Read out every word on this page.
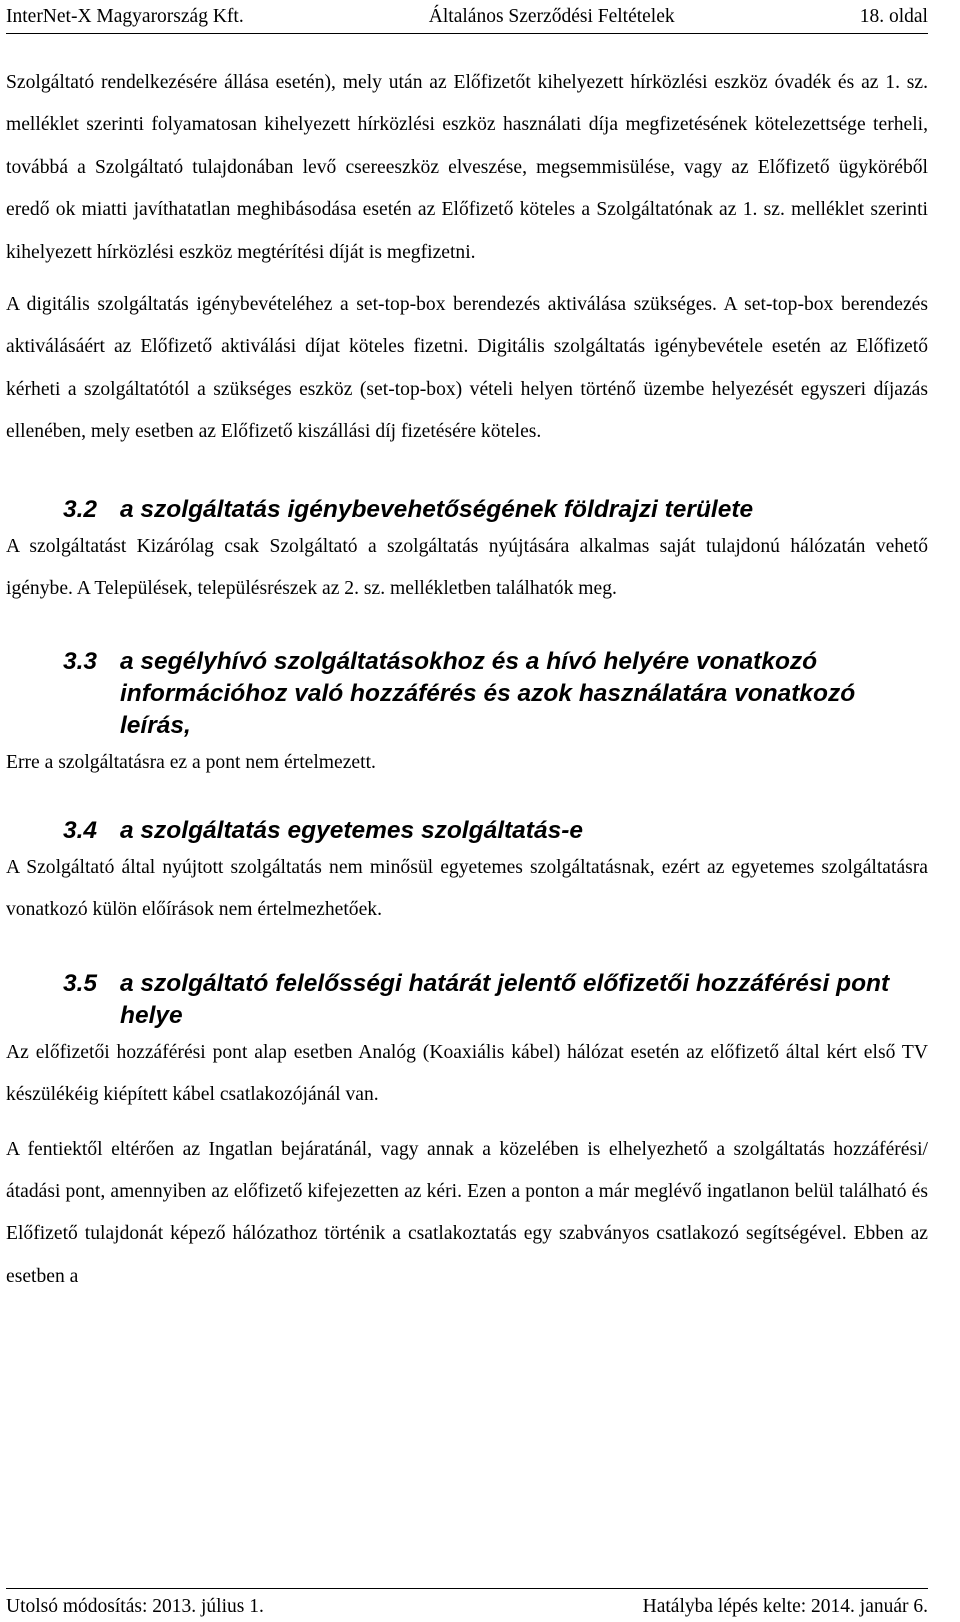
InterNet-X Magyarország Kft.	Általános Szerződési Feltételek	18. oldal

Szolgáltató rendelkezésére állása esetén), mely után az Előfizetőt kihelyezett hírközlési eszköz óvadék és az 1. sz. melléklet szerinti folyamatosan kihelyezett hírközlési eszköz használati díja megfizetésének kötelezettsége terheli, továbbá a Szolgáltató tulajdonában levő csereeszköz elveszése, megsemmisülése, vagy az Előfizető ügyköréből eredő ok miatti javíthatatlan meghibásodása esetén az Előfizető köteles a Szolgáltatónak az 1. sz. melléklet szerinti kihelyezett hírközlési eszköz megtérítési díját is megfizetni.

A digitális szolgáltatás igénybevételéhez a set-top-box berendezés aktiválása szükséges. A set-top-box berendezés aktiválásáért az Előfizető aktiválási díjat köteles fizetni. Digitális szolgáltatás igénybevétele esetén az Előfizető kérheti a szolgáltatótól a szükséges eszköz (set-top-box) vételi helyen történő üzembe helyezését egyszeri díjazás ellenében, mely esetben az Előfizető kiszállási díj fizetésére köteles.

3.2 a szolgáltatás igénybevehetőségének földrajzi területe

A szolgáltatást Kizárólag csak Szolgáltató a szolgáltatás nyújtására alkalmas saját tulajdonú hálózatán vehető igénybe. A Települések, településrészek az 2. sz. mellékletben találhatók meg.

3.3 a segélyhívó szolgáltatásokhoz és a hívó helyére vonatkozó információhoz való hozzáférés és azok használatára vonatkozó leírás,

Erre a szolgáltatásra ez a pont nem értelmezett.

3.4 a szolgáltatás egyetemes szolgáltatás-e

A Szolgáltató által nyújtott szolgáltatás nem minősül egyetemes szolgáltatásnak, ezért az egyetemes szolgáltatásra vonatkozó külön előírások nem értelmezhetőek.

3.5 a szolgáltató felelősségi határát jelentő előfizetői hozzáférési pont helye

Az előfizetői hozzáférési pont alap esetben Analóg (Koaxiális kábel) hálózat esetén az előfizető által kért első TV készülékéig kiépített kábel csatlakozójánál van.

A fentiektől eltérően az Ingatlan bejáratánál, vagy annak a közelében is elhelyezhető a szolgáltatás hozzáférési/átadási pont, amennyiben az előfizető kifejezetten az kéri. Ezen a ponton a már meglévő ingatlanon belül található és Előfizető tulajdonát képező hálózathoz történik a csatlakoztatás egy szabványos csatlakozó segítségével. Ebben az esetben a

Utolsó módosítás: 2013. július 1.	Hatályba lépés kelte: 2014. január 6.
